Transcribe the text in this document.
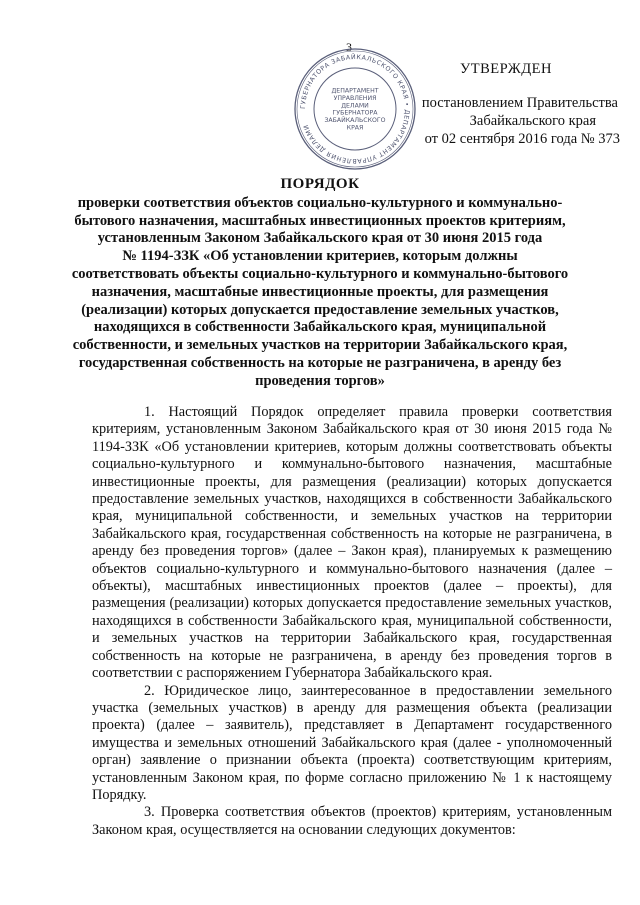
3
ГУБЕРНАТОРА ЗАБАЙКАЛЬСКОГО КРАЯ • ДЕПАРТАМЕНТ УПРАВЛЕНИЯ ДЕЛАМИ
ДЕПАРТАМЕНТ
УПРАВЛЕНИЯ
ДЕЛАМИ
ГУБЕРНАТОРА
ЗАБАЙКАЛЬСКОГО
КРАЯ
УТВЕРЖДЕН
постановлением Правительства
Забайкальского края
от 02 сентября 2016 года № 373
ПОРЯДОК
проверки соответствия объектов социально-культурного и коммунально-
бытового назначения, масштабных инвестиционных проектов критериям,
установленным Законом Забайкальского края от 30 июня 2015 года
№ 1194-ЗЗК «Об установлении критериев, которым должны
соответствовать объекты социально-культурного и коммунально-бытового
назначения, масштабные инвестиционные проекты, для размещения
(реализации) которых допускается предоставление земельных участков,
находящихся в собственности Забайкальского края, муниципальной
собственности, и земельных участков на территории Забайкальского края,
государственная собственность на которые не разграничена, в аренду без
проведения торгов»

1. Настоящий Порядок определяет правила проверки соответствия критериям, установленным Законом Забайкальского края от 30 июня 2015 года № 1194-ЗЗК «Об установлении критериев, которым должны соответствовать объекты социально-культурного и коммунально-бытового назначения, масштабные инвестиционные проекты, для размещения (реализации) которых допускается предоставление земельных участков, находящихся в собственности Забайкальского края, муниципальной собственности, и земельных участков на территории Забайкальского края, государственная собственность на которые не разграничена, в аренду без проведения торгов» (далее – Закон края), планируемых к размещению объектов социально-культурного и коммунально-бытового назначения (далее – объекты), масштабных инвестиционных проектов (далее – проекты), для размещения (реализации) которых допускается предоставление земельных участков, находящихся в собственности Забайкальского края, муниципальной собственности, и земельных участков на территории Забайкальского края, государственная собственность на которые не разграничена, в аренду без проведения торгов в соответствии с распоряжением Губернатора Забайкальского края.

2. Юридическое лицо, заинтересованное в предоставлении земельного участка (земельных участков) в аренду для размещения объекта (реализации проекта) (далее – заявитель), представляет в Департамент государственного имущества и земельных отношений Забайкальского края (далее - уполномоченный орган) заявление о признании объекта (проекта) соответствующим критериям, установленным Законом края, по форме согласно приложению № 1 к настоящему Порядку.

3. Проверка соответствия объектов (проектов) критериям, установленным Законом края, осуществляется на основании следующих документов:
